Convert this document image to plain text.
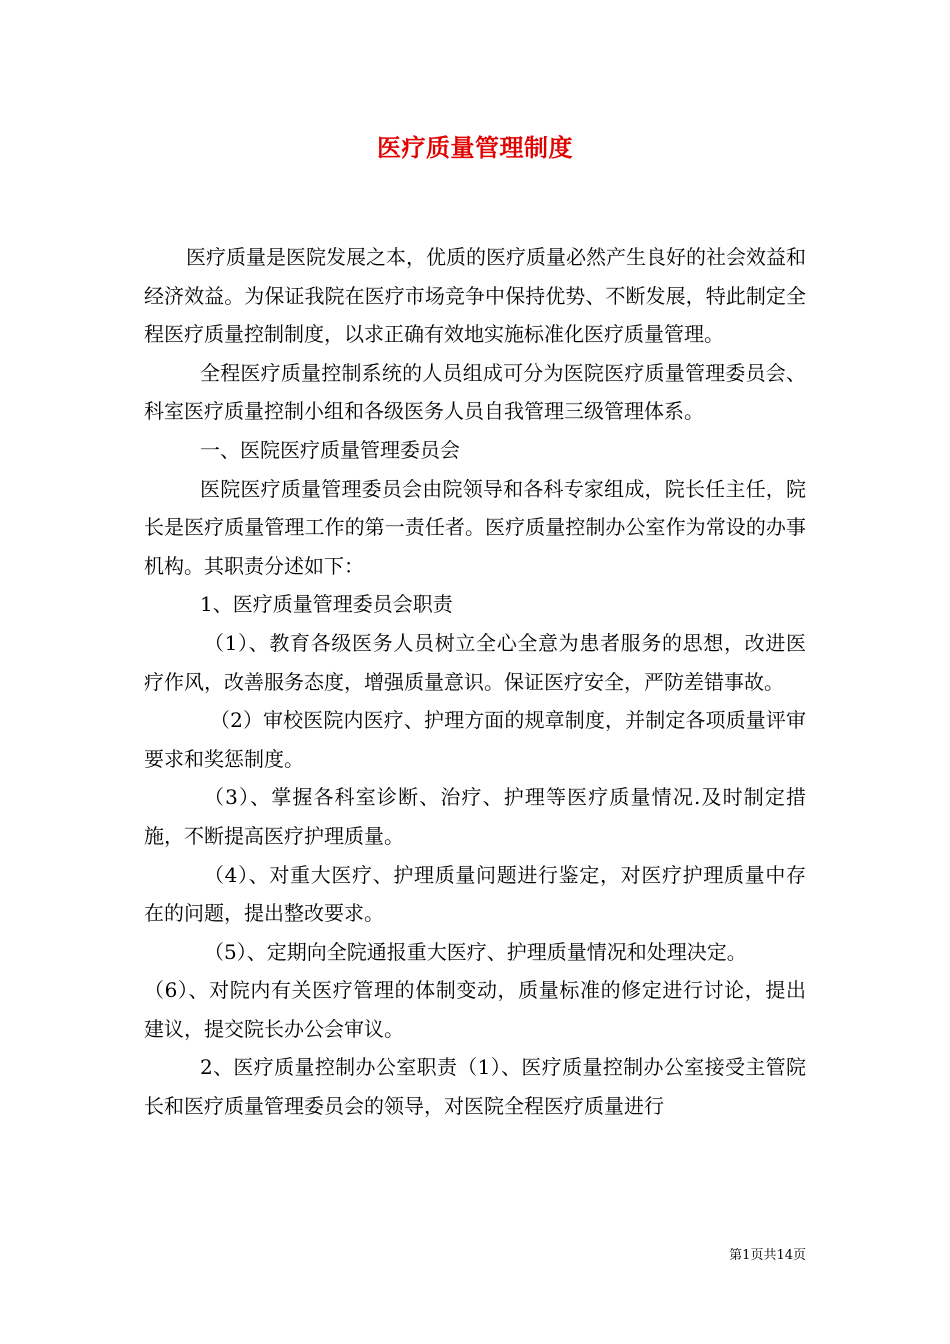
医疗质量管理制度

医疗质量是医院发展之本，优质的医疗质量必然产生良好的社会效益和经济效益。为保证我院在医疗市场竞争中保持优势、不断发展，特此制定全程医疗质量控制制度，以求正确有效地实施标准化医疗质量管理。

全程医疗质量控制系统的人员组成可分为医院医疗质量管理委员会、科室医疗质量控制小组和各级医务人员自我管理三级管理体系。

一、医院医疗质量管理委员会

医院医疗质量管理委员会由院领导和各科专家组成，院长任主任，院长是医疗质量管理工作的第一责任者。医疗质量控制办公室作为常设的办事机构。其职责分述如下：

1、医疗质量管理委员会职责

（1）、教育各级医务人员树立全心全意为患者服务的思想，改进医疗作风，改善服务态度，增强质量意识。保证医疗安全，严防差错事故。

（2）审校医院内医疗、护理方面的规章制度，并制定各项质量评审要求和奖惩制度。

（3）、掌握各科室诊断、治疗、护理等医疗质量情况.及时制定措施，不断提高医疗护理质量。

（4）、对重大医疗、护理质量问题进行鉴定，对医疗护理质量中存在的问题，提出整改要求。

（5）、定期向全院通报重大医疗、护理质量情况和处理决定。

（6）、对院内有关医疗管理的体制变动，质量标准的修定进行讨论，提出建议，提交院长办公会审议。

2、医疗质量控制办公室职责（1）、医疗质量控制办公室接受主管院长和医疗质量管理委员会的领导，对医院全程医疗质量进行

第1页共14页
